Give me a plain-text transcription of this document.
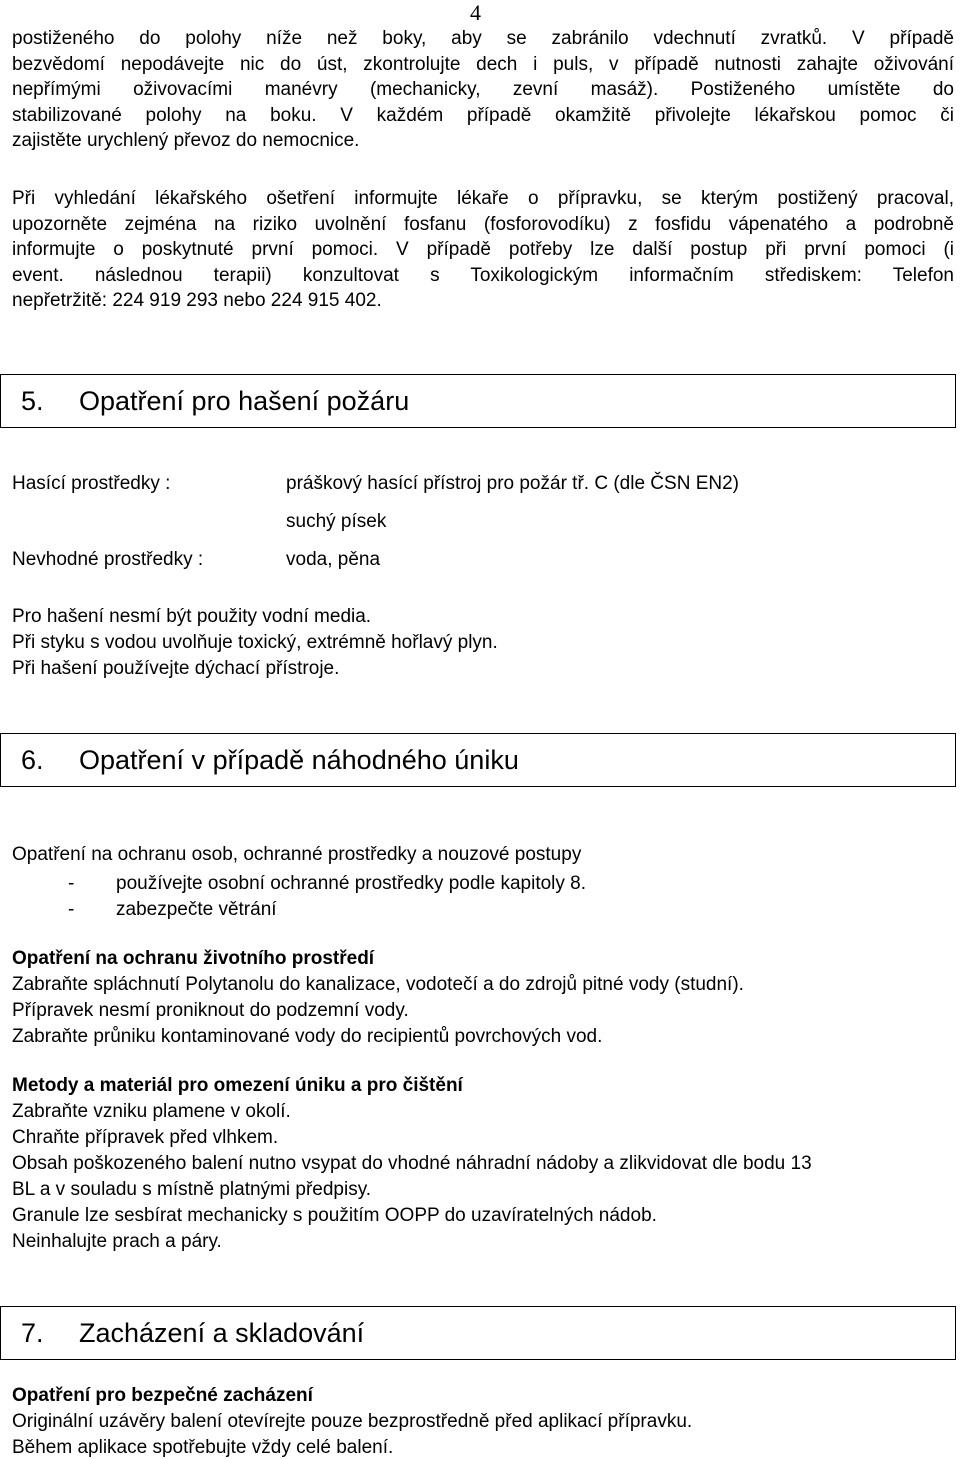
4
postiženého do polohy níže než boky, aby se zabránilo vdechnutí zvratků. V případě
bezvědomí nepodávejte nic do úst, zkontrolujte dech i puls, v případě nutnosti zahajte oživování
nepřímými oživovacími manévry (mechanicky, zevní masáž). Postiženého umístěte do
stabilizované polohy na boku. V každém případě okamžitě přivolejte lékařskou pomoc či
zajistěte urychlený převoz do nemocnice.
Při vyhledání lékařského ošetření informujte lékaře o přípravku, se kterým postižený pracoval,
upozorněte zejména na riziko uvolnění fosfanu (fosforovodíku) z fosfidu vápenatého a podrobně
informujte o poskytnuté první pomoci. V případě potřeby lze další postup při první pomoci (i
event. následnou terapii) konzultovat s Toxikologickým informačním střediskem: Telefon
nepřetržitě: 224 919 293 nebo 224 915 402.
5. Opatření pro hašení požáru
Hasící prostředky :	práškový hasící přístroj pro požár tř. C (dle ČSN EN2)
suchý písek
Nevhodné prostředky :	voda, pěna
Pro hašení nesmí být použity vodní media.
Při styku s vodou uvolňuje toxický, extrémně hořlavý plyn.
Při hašení používejte dýchací přístroje.
6. Opatření v případě náhodného úniku
Opatření na ochranu osob, ochranné prostředky a nouzové postupy
- používejte osobní ochranné prostředky podle kapitoly 8.
- zabezpečte větrání
Opatření na ochranu životního prostředí
Zabraňte spláchnutí Polytanolu do kanalizace, vodotečí a do zdrojů pitné vody (studní).
Přípravek nesmí proniknout do podzemní vody.
Zabraňte průniku kontaminované vody do recipientů povrchových vod.
Metody a materiál pro omezení úniku a pro čištění
Zabraňte vzniku plamene v okolí.
Chraňte přípravek před vlhkem.
Obsah poškozeného balení nutno vsypat do vhodné náhradní nádoby a zlikvidovat dle bodu 13
BL a v souladu s místně platnými předpisy.
Granule lze sesbírat mechanicky s použitím OOPP do uzavíratelných nádob.
Neinhalujte prach a páry.
7. Zacházení a skladování
Opatření pro bezpečné zacházení
Originální uzávěry balení otevírejte pouze bezprostředně před aplikací přípravku.
Během aplikace spotřebujte vždy celé balení.
